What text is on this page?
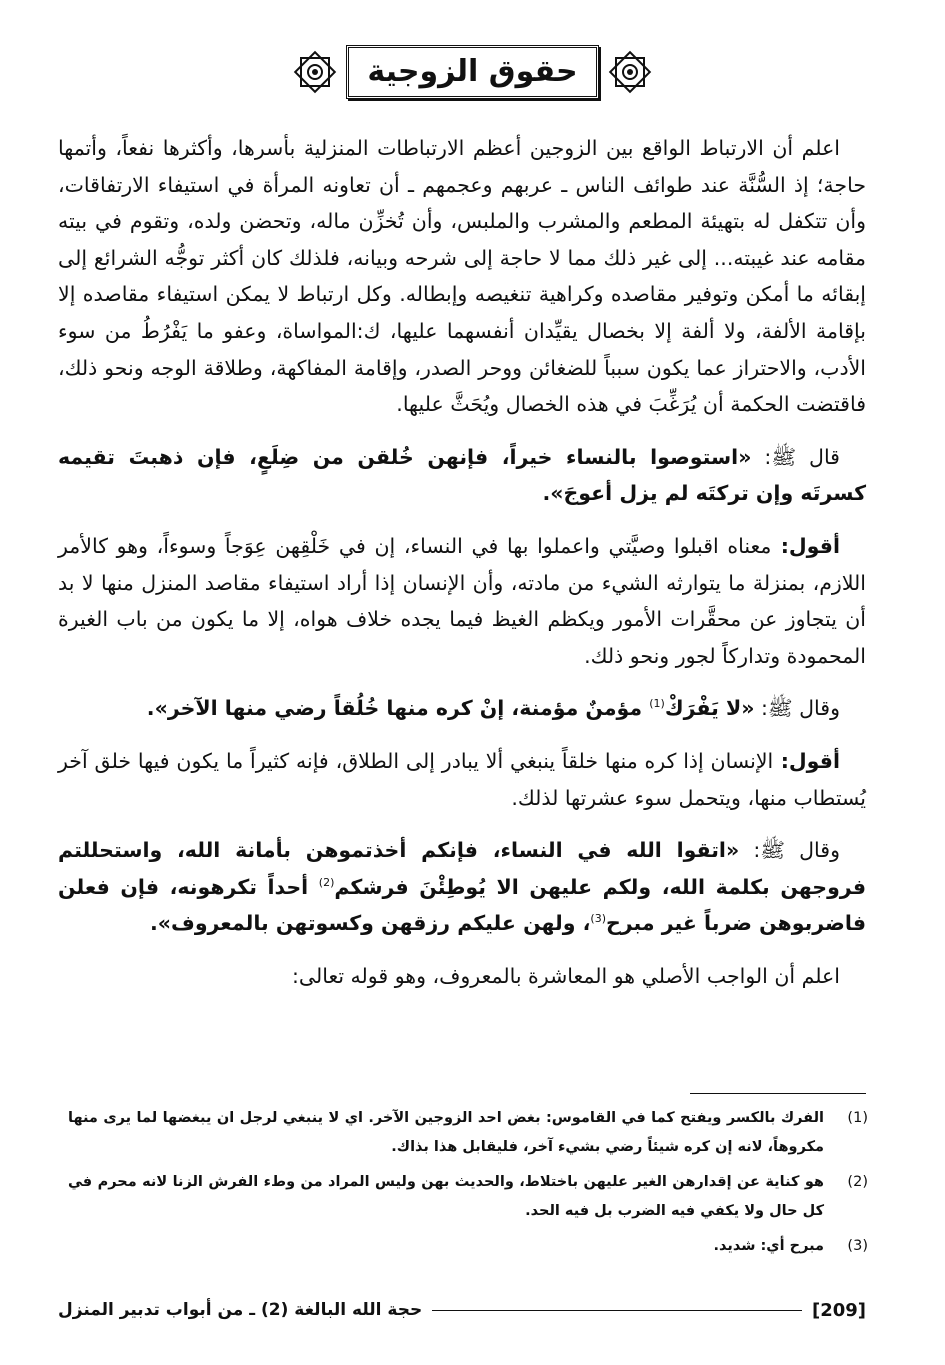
حقوق الزوجية

اعلم أن الارتباط الواقع بين الزوجين أعظم الارتباطات المنزلية بأسرها، وأكثرها نفعاً، وأتمها حاجة؛ إذ السُّنَّة عند طوائف الناس ـ عربهم وعجمهم ـ أن تعاونه المرأة في استيفاء الارتفاقات، وأن تتكفل له بتهيئة المطعم والمشرب والملبس، وأن تُخزِّن ماله، وتحضن ولده، وتقوم في بيته مقامه عند غيبته... إلى غير ذلك مما لا حاجة إلى شرحه وبيانه، فلذلك كان أكثر توجُّه الشرائع إلى إبقائه ما أمكن وتوفير مقاصده وكراهية تنغيصه وإبطاله. وكل ارتباط لا يمكن استيفاء مقاصده إلا بإقامة الألفة، ولا ألفة إلا بخصال يقيِّدان أنفسهما عليها، ك:المواساة، وعفو ما يَفْرُطُ من سوء الأدب، والاحتراز عما يكون سبباً للضغائن ووحر الصدر، وإقامة المفاكهة، وطلاقة الوجه ونحو ذلك، فاقتضت الحكمة أن يُرَغِّبَ في هذه الخصال ويُحَثَّ عليها.

قال ﷺ: «استوصوا بالنساء خيراً، فإنهن خُلقن من ضِلَعٍ، فإن ذهبتَ تقيمه كسرتَه وإن تركتَه لم يزل أعوجَ».

أقول: معناه اقبلوا وصيَّتي واعملوا بها في النساء، إن في خَلْقِهن عِوَجاً وسوءاً، وهو كالأمر اللازم، بمنزلة ما يتوارثه الشيء من مادته، وأن الإنسان إذا أراد استيفاء مقاصد المنزل منها لا بد أن يتجاوز عن محقَّرات الأمور ويكظم الغيظ فيما يجده خلاف هواه، إلا ما يكون من باب الغيرة المحمودة وتداركاً لجور ونحو ذلك.

وقال ﷺ: «لا يَفْرَكْ$^{(1)}$ مؤمنٌ مؤمنة، إنْ كره منها خُلُقاً رضي منها الآخر».

أقول: الإنسان إذا كره منها خلقاً ينبغي ألا يبادر إلى الطلاق، فإنه كثيراً ما يكون فيها خلق آخر يُستطاب منها، ويتحمل سوء عشرتها لذلك.

وقال ﷺ: «اتقوا الله في النساء، فإنكم أخذتموهن بأمانة الله، واستحللتم فروجهن بكلمة الله، ولكم عليهن الا يُوطِئْنَ فرشكم$^{(2)}$ أحداً تكرهونه، فإن فعلن فاضربوهن ضرباً غير مبرح$^{(3)}$، ولهن عليكم رزقهن وكسوتهن بالمعروف».

اعلم أن الواجب الأصلي هو المعاشرة بالمعروف، وهو قوله تعالى:

(1)
الفرك بالكسر ويفتح كما في القاموس: بغض احد الزوجين الآخر. اي لا ينبغي لرجل ان يبغضها لما يرى منها مكروهاً، لانه إن كره شيئاً رضي بشيء آخر، فليقابل هذا بذاك.
(2)
هو كناية عن إقدارهن الغير عليهن باختلاط، والحديث بهن وليس المراد من وطء الفرش الزنا لانه محرم في كل حال ولا يكفي فيه الضرب بل فيه الحد.
(3)
مبرح أي: شديد.
[209]
حجة الله البالغة (2) ـ من أبواب تدبير المنزل
